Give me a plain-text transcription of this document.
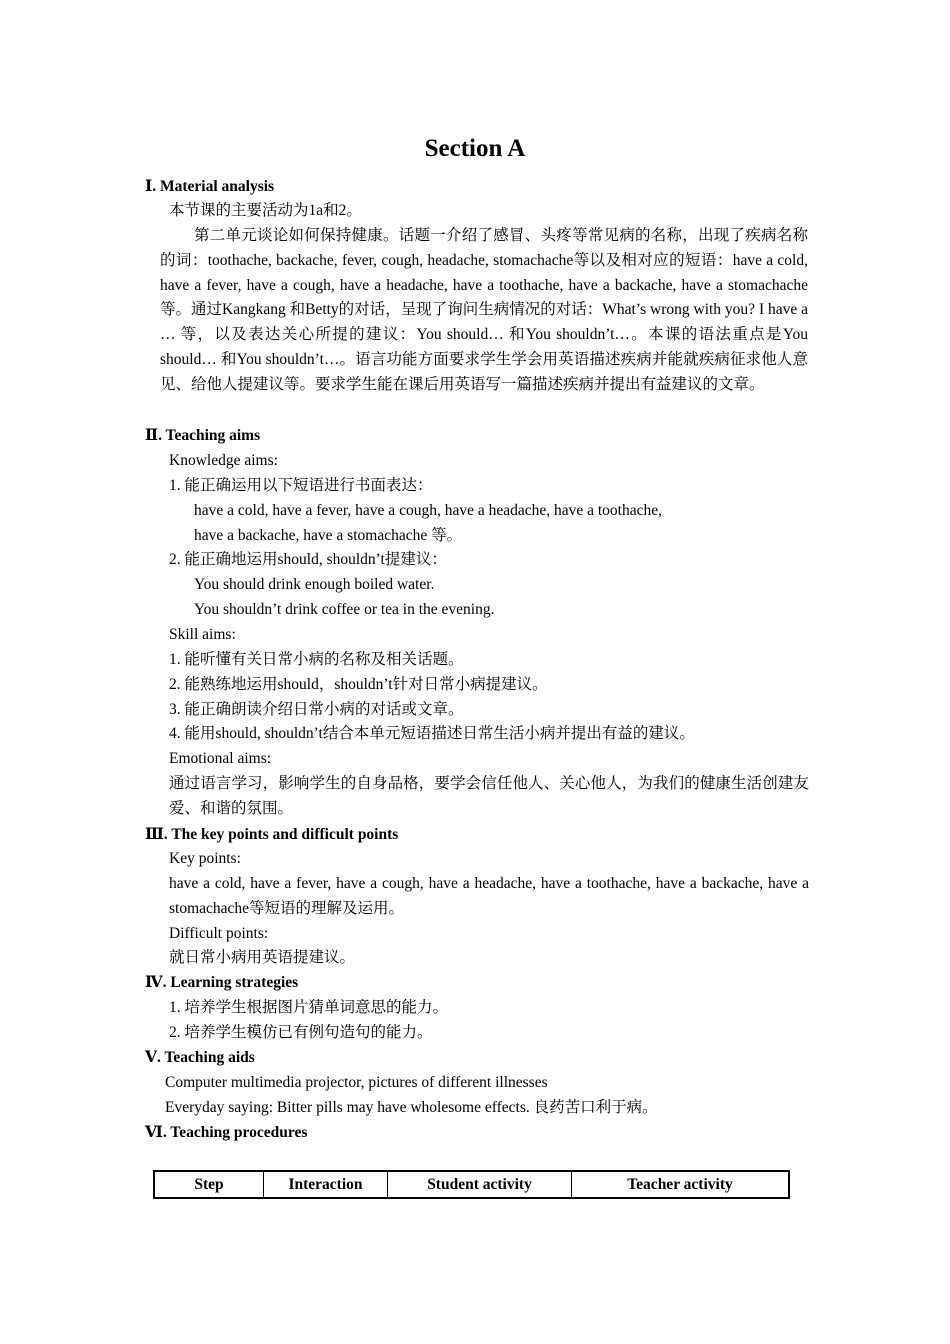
Section A
Ⅰ. Material analysis
本节课的主要活动为1a和2。
第二单元谈论如何保持健康。话题一介绍了感冒、头疼等常见病的名称，出现了疾病名称的词：toothache, backache, fever, cough, headache, stomachache等以及相对应的短语：have a cold, have a fever, have a cough, have a headache, have a toothache, have a backache, have a stomachache等。通过Kangkang 和Betty的对话，呈现了询问生病情况的对话：What’s wrong with you? I have a … 等，以及表达关心所提的建议：You should… 和You shouldn’t…。本课的语法重点是You should… 和You shouldn’t…。语言功能方面要求学生学会用英语描述疾病并能就疾病征求他人意见、给他人提建议等。要求学生能在课后用英语写一篇描述疾病并提出有益建议的文章。
Ⅱ. Teaching aims
Knowledge aims:
1. 能正确运用以下短语进行书面表达：
have a cold, have a fever, have a cough, have a headache, have a toothache,
have a backache, have a stomachache 等。
2. 能正确地运用should, shouldn’t提建议：
You should drink enough boiled water.
You shouldn’t drink coffee or tea in the evening.
Skill aims:
1. 能听懂有关日常小病的名称及相关话题。
2. 能熟练地运用should，shouldn’t针对日常小病提建议。
3. 能正确朗读介绍日常小病的对话或文章。
4. 能用should, shouldn’t结合本单元短语描述日常生活小病并提出有益的建议。
Emotional aims:
通过语言学习，影响学生的自身品格，要学会信任他人、关心他人，为我们的健康生活创建友爱、和谐的氛围。
Ⅲ. The key points and difficult points
Key points:
have a cold, have a fever, have a cough, have a headache, have a toothache, have a backache, have a stomachache等短语的理解及运用。
Difficult points:
就日常小病用英语提建议。
Ⅳ. Learning strategies
1. 培养学生根据图片猜单词意思的能力。
2. 培养学生模仿已有例句造句的能力。
Ⅴ. Teaching aids
Computer multimedia projector, pictures of different illnesses
Everyday saying: Bitter pills may have wholesome effects. 良药苦口利于病。
Ⅵ. Teaching procedures
Step	Interaction	Student activity	Teacher activity
